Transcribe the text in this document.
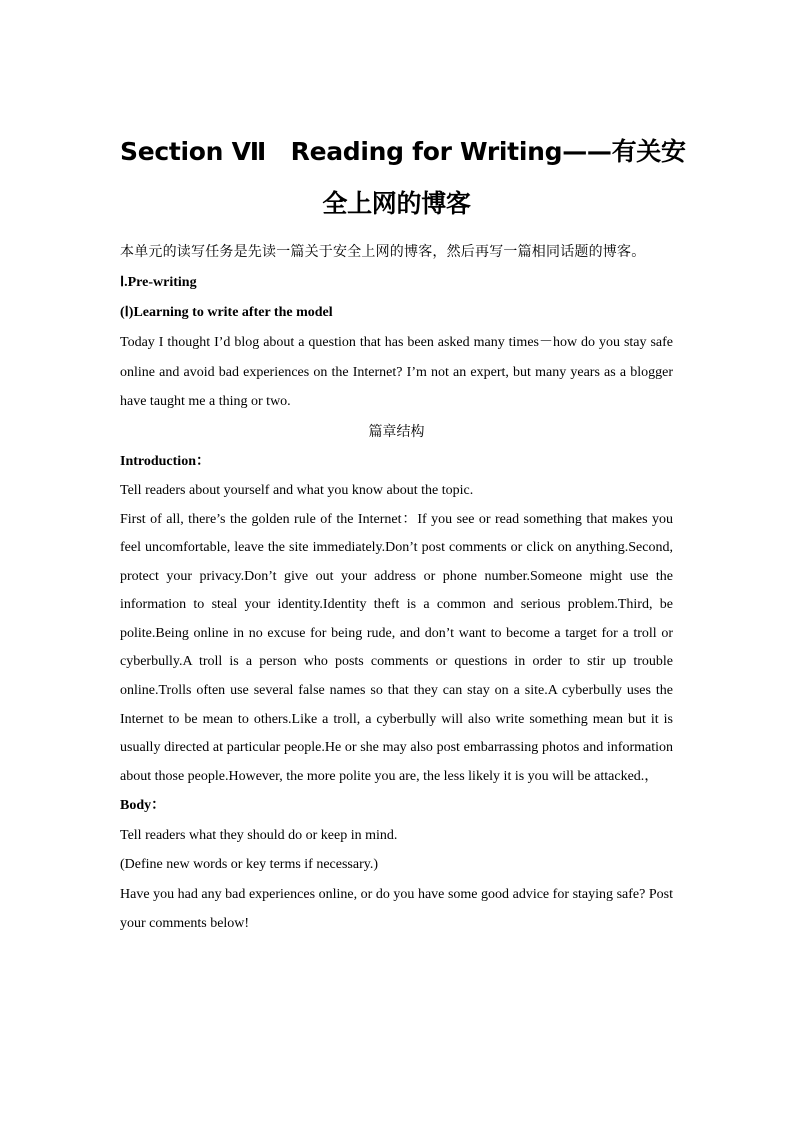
Section Ⅶ　Reading for Writing——有关安
全上网的博客

本单元的读写任务是先读一篇关于安全上网的博客，然后再写一篇相同话题的博客。

Ⅰ.Pre-writing

(Ⅰ)Learning to write after the model

Today I thought I’d blog about a question that has been asked many times－how do you stay safe online and avoid bad experiences on the Internet? I’m not an expert, but many years as a blogger have taught me a thing or two.

篇章结构

Introduction：

Tell readers about yourself and what you know about the topic.

First of all, there’s the golden rule of the Internet：If you see or read something that makes you feel uncomfortable, leave the site immediately.Don’t post comments or click on anything.Second, protect your privacy.Don’t give out your address or phone number.Someone might use the information to steal your identity.Identity theft is a common and serious problem.Third, be polite.Being online in no excuse for being rude, and don’t want to become a target for a troll or cyberbully.A troll is a person who posts comments or questions in order to stir up trouble online.Trolls often use several false names so that they can stay on a site.A cyberbully uses the Internet to be mean to others.Like a troll, a cyberbully will also write something mean but it is usually directed at particular people.He or she may also post embarrassing photos and information about those people.However, the more polite you are, the less likely it is you will be attacked.，

Body：

Tell readers what they should do or keep in mind.

(Define new words or key terms if necessary.)

Have you had any bad experiences online, or do you have some good advice for staying safe? Post your comments below!
